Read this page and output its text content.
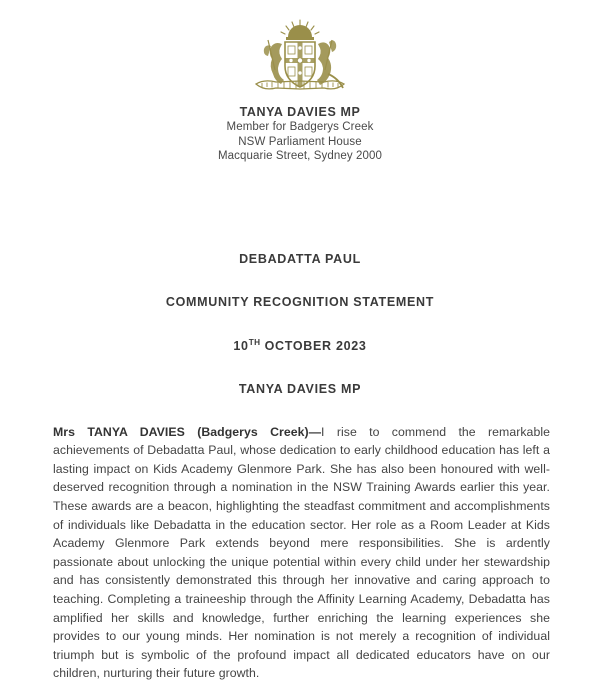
TANYA DAVIES MP
Member for Badgerys Creek
NSW Parliament House
Macquarie Street, Sydney 2000
DEBADATTA PAUL
COMMUNITY RECOGNITION STATEMENT
10TH OCTOBER 2023
TANYA DAVIES MP

Mrs TANYA DAVIES (Badgerys Creek)—I rise to commend the remarkable achievements of Debadatta Paul, whose dedication to early childhood education has left a lasting impact on Kids Academy Glenmore Park. She has also been honoured with well-deserved recognition through a nomination in the NSW Training Awards earlier this year. These awards are a beacon, highlighting the steadfast commitment and accomplishments of individuals like Debadatta in the education sector. Her role as a Room Leader at Kids Academy Glenmore Park extends beyond mere responsibilities. She is ardently passionate about unlocking the unique potential within every child under her stewardship and has consistently demonstrated this through her innovative and caring approach to teaching. Completing a traineeship through the Affinity Learning Academy, Debadatta has amplified her skills and knowledge, further enriching the learning experiences she provides to our young minds. Her nomination is not merely a recognition of individual triumph but is symbolic of the profound impact all dedicated educators have on our children, nurturing their future growth.
